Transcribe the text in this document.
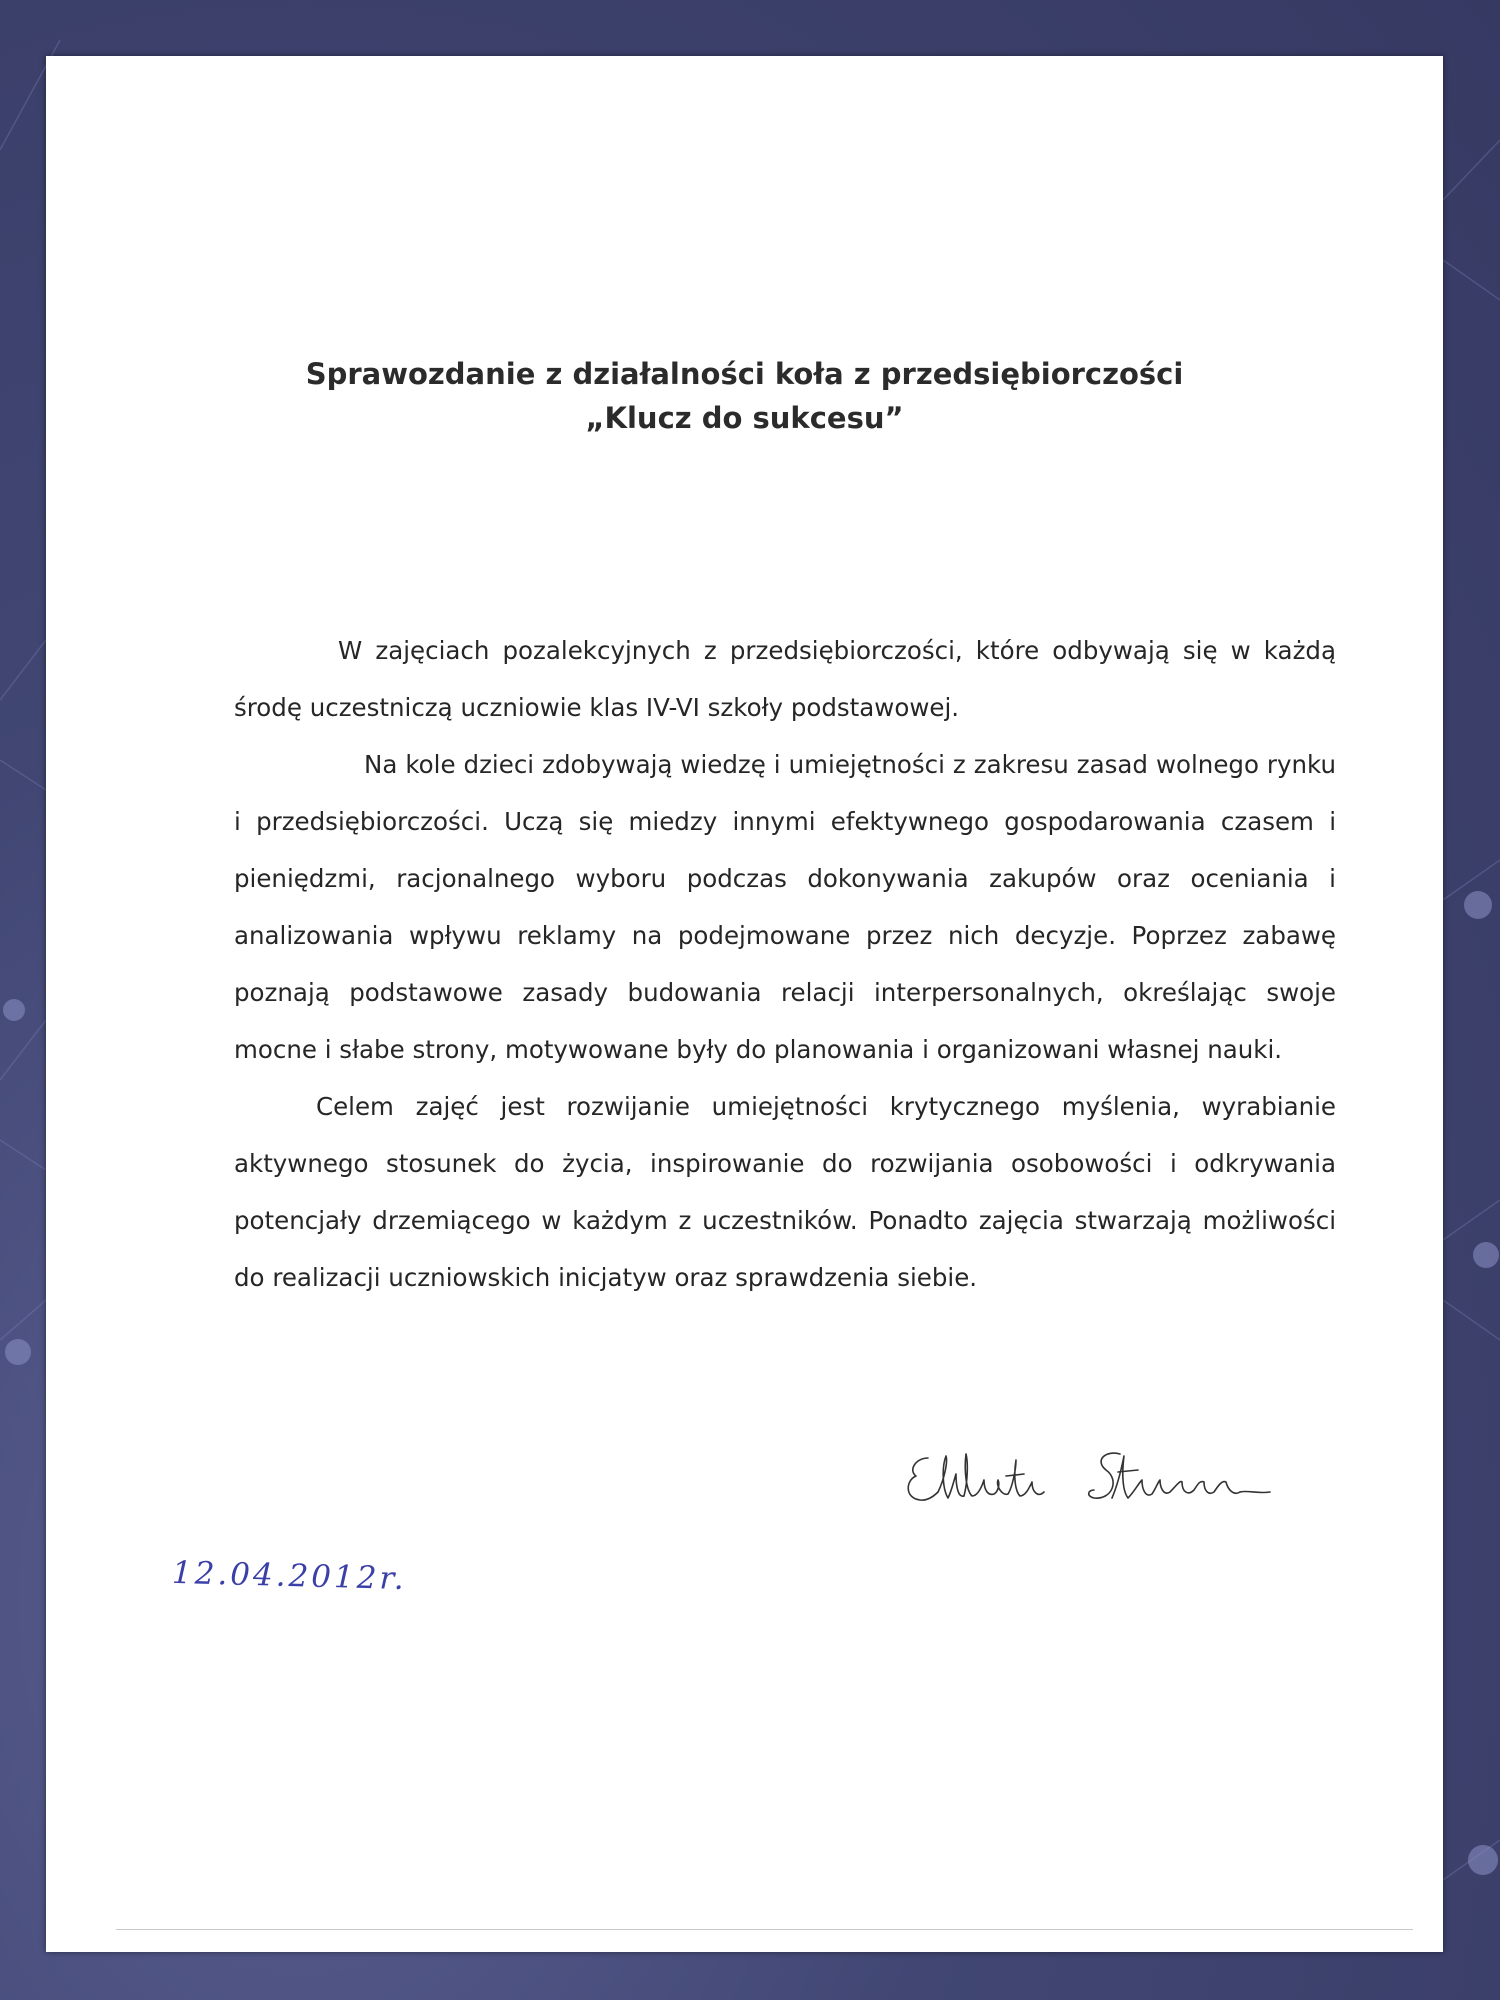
Sprawozdanie z działalności koła z przedsiębiorczości
„Klucz do sukcesu”

W zajęciach pozalekcyjnych z przedsiębiorczości, które odbywają się w każdą środę uczestniczą uczniowie klas IV-VI szkoły podstawowej.

Na kole dzieci zdobywają wiedzę i umiejętności z zakresu zasad wolnego rynku i przedsiębiorczości. Uczą się miedzy innymi efektywnego gospodarowania czasem i pieniędzmi, racjonalnego wyboru podczas dokonywania zakupów oraz oceniania i analizowania wpływu reklamy na podejmowane przez nich decyzje. Poprzez zabawę poznają podstawowe zasady budowania relacji interpersonalnych, określając swoje mocne i słabe strony, motywowane były do planowania i organizowani własnej nauki.

Celem zajęć jest rozwijanie umiejętności krytycznego myślenia, wyrabianie aktywnego stosunek do życia, inspirowanie do rozwijania osobowości i odkrywania potencjały drzemiącego w każdym z uczestników. Ponadto zajęcia stwarzają możliwości do realizacji uczniowskich inicjatyw oraz sprawdzenia siebie.

12.04.2012r.
